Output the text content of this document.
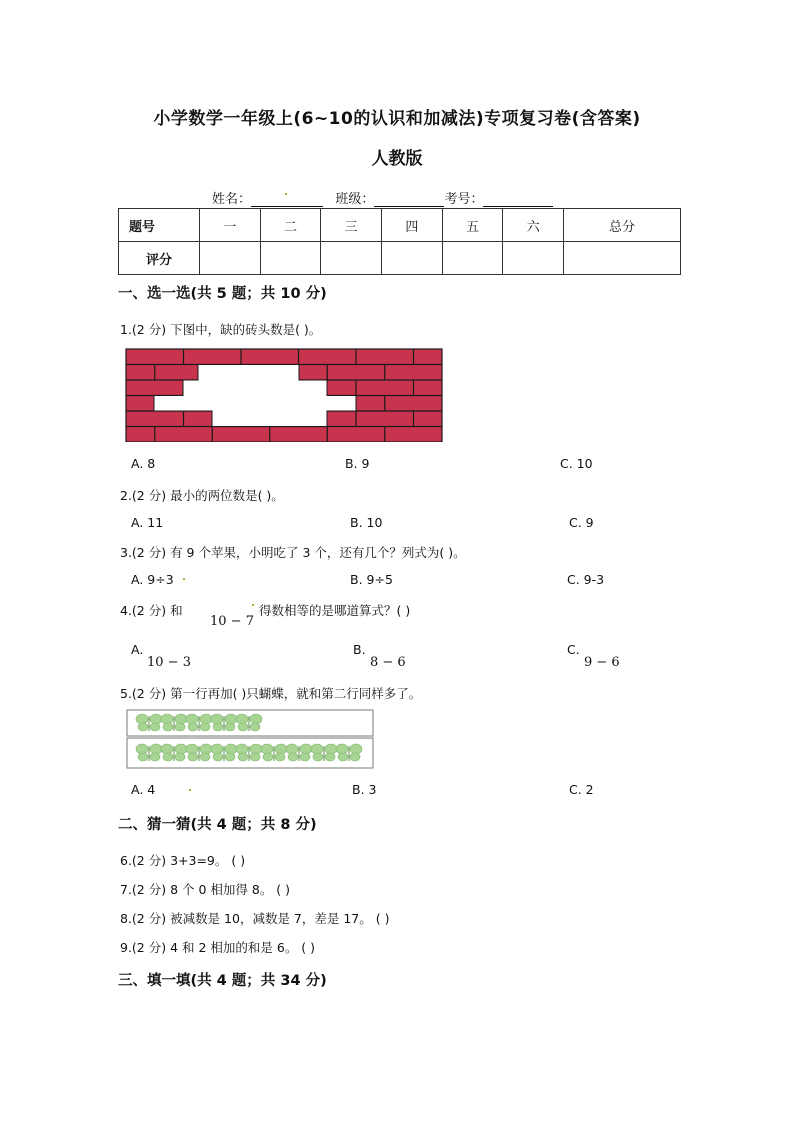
小学数学一年级上(6~10的认识和加减法)专项复习卷(含答案)
人教版
姓名：	班级：	考号：
题号	一	二	三	四	五	六	总分
评分							
一、选一选(共 5 题；共 10 分)
1.(2 分) 下图中，缺的砖头数是( )。
A. 8	B. 9	C. 10
2.(2 分) 最小的两位数是( )。
A. 11	B. 10	C. 9
3.(2 分) 有 9 个苹果，小明吃了 3 个，还有几个？列式为( )。
A. 9÷3	B. 9÷5	C. 9-3
4.(2 分) 和
10 − 7
得数相等的是哪道算式？( )
A.
10 − 3
B.
8 − 6
C.
9 − 6
5.(2 分) 第一行再加( )只蝴蝶，就和第二行同样多了。
A. 4	B. 3	C. 2
二、猜一猜(共 4 题；共 8 分)
6.(2 分) 3+3=9。 ( )
7.(2 分) 8 个 0 相加得 8。 ( )
8.(2 分) 被减数是 10，减数是 7，差是 17。 ( )
9.(2 分) 4 和 2 相加的和是 6。 ( )
三、填一填(共 4 题；共 34 分)
